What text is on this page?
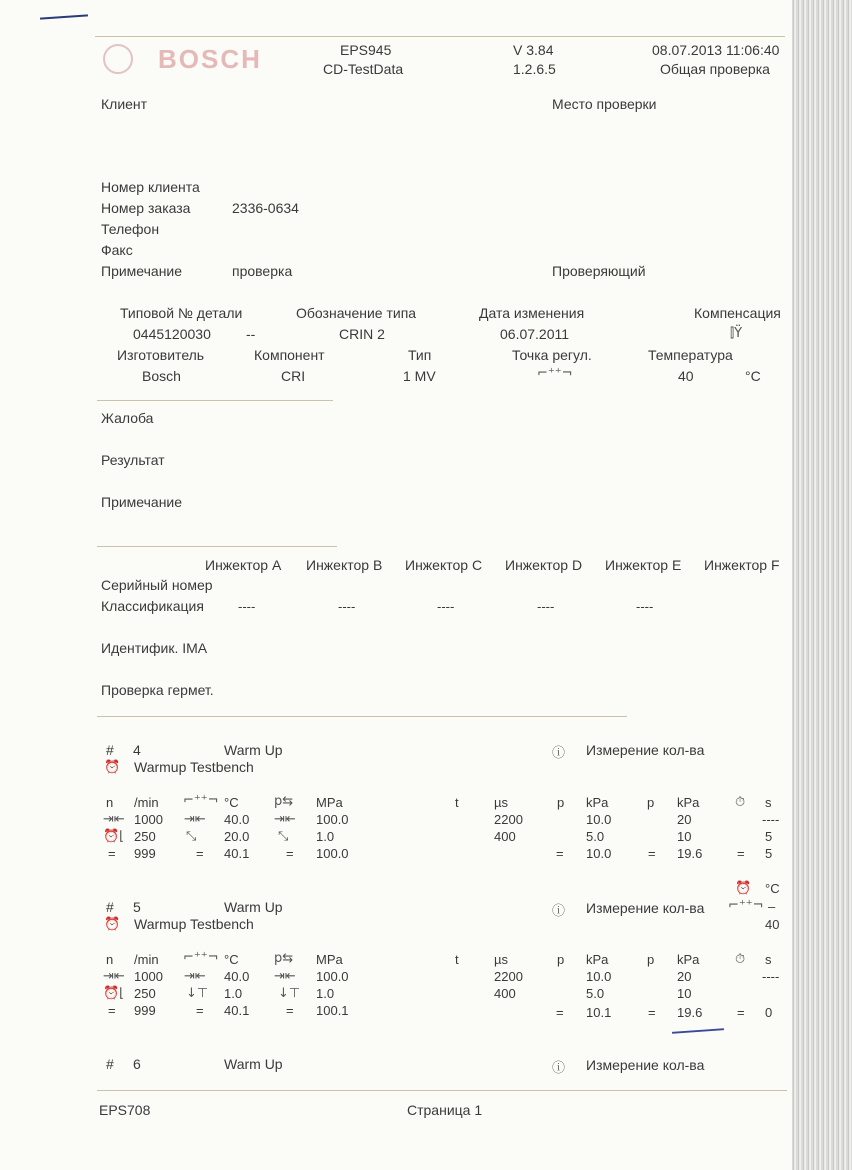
BOSCH	EPS945
CD-TestData
V 3.84
1.2.6.5
08.07.2013 11:06:40
Общая проверка
Клиент	Место проверки
Номер клиента
Номер заказа	2336-0634
Телефон
Факс
Примечание	проверка	Проверяющий
Типовой № детали	Обозначение типа	Дата изменения	Компенсация
0445120030	--	CRIN 2	06.07.2011	⫿Ÿ
Изготовитель	Компонент	Тип	Точка регул.	Температура
Bosch	CRI	1 MV	⌐⁺⁺¬	40	°C
Жалоба
Результат
Примечание
Инжектор A Инжектор B Инжектор C Инжектор D Инжектор E Инжектор F
Серийный номер
Классификация	----	----	----	----	----
Идентифик. IMA
Проверка гермет.
# 4	Warm Up
⏰ Warmup Testbench
ⓘ Измерение кол-ва
n /min ⌐⁺⁺¬ °C	p⇆ MPa
⇥⇤ 1000 ⇥⇤ 40.0 ⇥⇤ 100.0
⏰⌊ 250 ⤡ 20.0 ⤡ 1.0
= 999	= 40.1	= 100.0
t	µs	p kPa	p kPa	⏱ s
2200	10.0	20	----
400	5.0	10	5
= 10.0	= 19.6	= 5
⏰ °C
–
40
# 5	Warm Up
⏰ Warmup Testbench
ⓘ Измерение кол-ва ⌐⁺⁺¬
n /min ⌐⁺⁺¬ °C	p⇆ MPa
⇥⇤ 1000 ⇥⇤ 40.0 ⇥⇤ 100.0
⏰⌊ 250 ↓⊤ 1.0	↓⊤ 1.0
= 999	= 40.1	= 100.1
t	µs	p kPa	p kPa	⏱ s
2200	10.0	20	----
400	5.0	10
= 10.1	= 19.6	= 0
# 6	Warm Up	ⓘ Измерение кол-ва
EPS708	Страница 1
